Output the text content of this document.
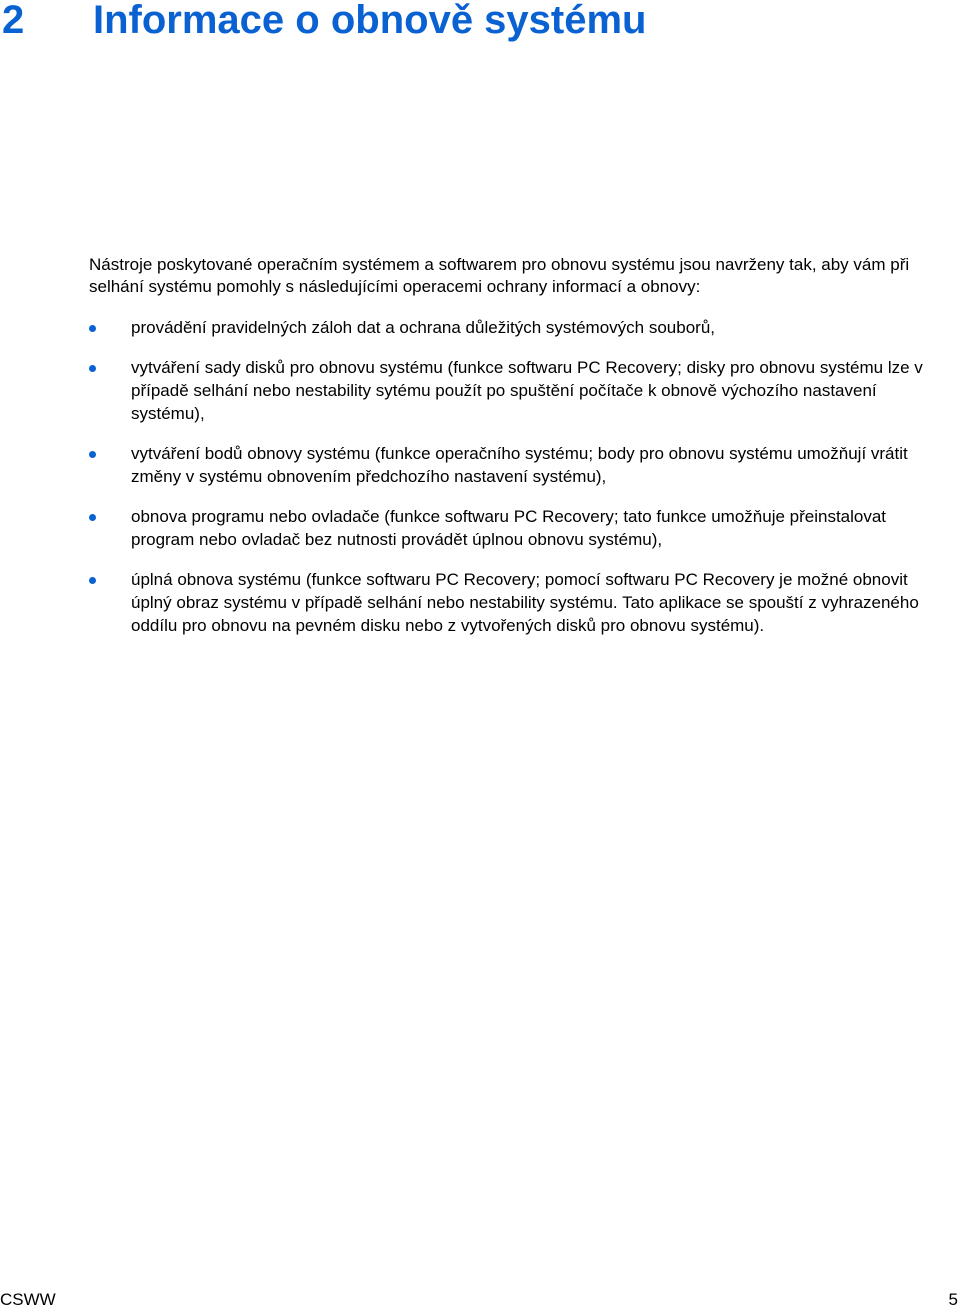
2 Informace o obnově systému

Nástroje poskytované operačním systémem a softwarem pro obnovu systému jsou navrženy tak, aby vám při selhání systému pomohly s následujícími operacemi ochrany informací a obnovy:

provádění pravidelných záloh dat a ochrana důležitých systémových souborů,
vytváření sady disků pro obnovu systému (funkce softwaru PC Recovery; disky pro obnovu systému lze v případě selhání nebo nestability sytému použít po spuštění počítače k obnově výchozího nastavení systému),
vytváření bodů obnovy systému (funkce operačního systému; body pro obnovu systému umožňují vrátit změny v systému obnovením předchozího nastavení systému),
obnova programu nebo ovladače (funkce softwaru PC Recovery; tato funkce umožňuje přeinstalovat program nebo ovladač bez nutnosti provádět úplnou obnovu systému),
úplná obnova systému (funkce softwaru PC Recovery; pomocí softwaru PC Recovery je možné obnovit úplný obraz systému v případě selhání nebo nestability systému. Tato aplikace se spouští z vyhrazeného oddílu pro obnovu na pevném disku nebo z vytvořených disků pro obnovu systému).
CSWW	5
